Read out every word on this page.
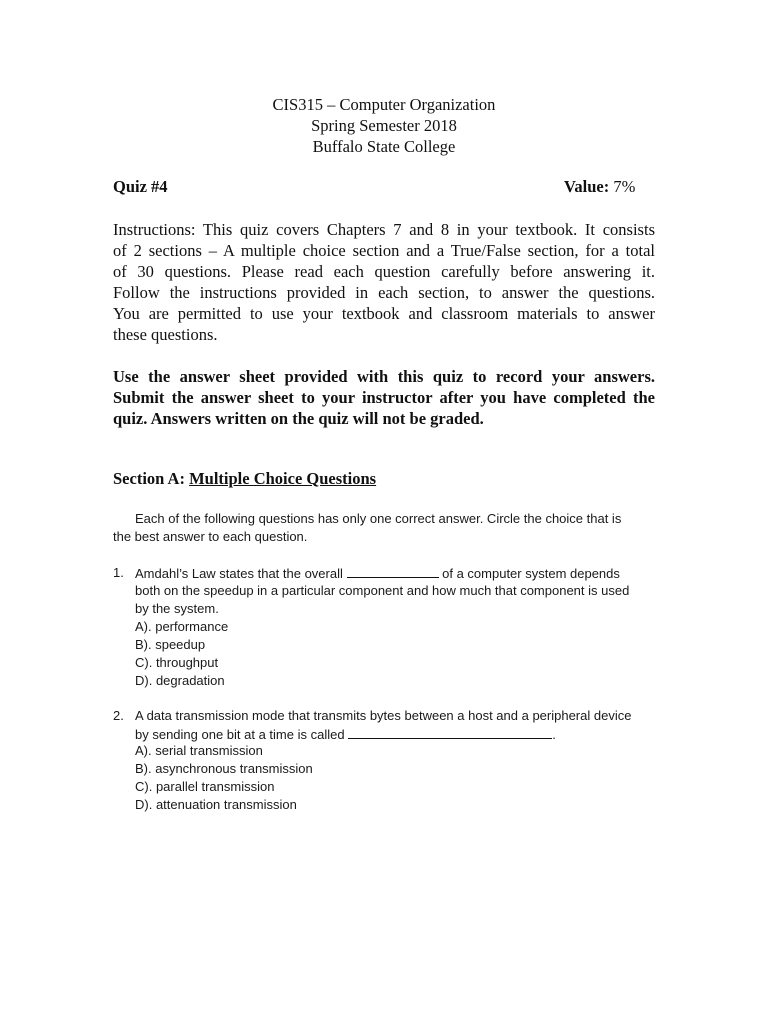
CIS315 – Computer Organization
Spring Semester 2018
Buffalo State College
Quiz #4	Value: 7%
Instructions: This quiz covers Chapters 7 and 8 in your textbook. It consists
of 2 sections – A multiple choice section and a True/False section, for a total
of 30 questions. Please read each question carefully before answering it.
Follow the instructions provided in each section, to answer the questions.
You are permitted to use your textbook and classroom materials to answer
these questions.
Use the answer sheet provided with this quiz to record your answers.
Submit the answer sheet to your instructor after you have completed the
quiz. Answers written on the quiz will not be graded.
Section A: Multiple Choice Questions
Each of the following questions has only one correct answer. Circle the choice that is
the best answer to each question.
1. Amdahl’s Law states that the overall	of a computer system depends
both on the speedup in a particular component and how much that component is used
by the system.
A). performance
B). speedup
C). throughput
D). degradation
2. A data transmission mode that transmits bytes between a host and a peripheral device
by sending one bit at a time is called	.
A). serial transmission
B). asynchronous transmission
C). parallel transmission
D). attenuation transmission
